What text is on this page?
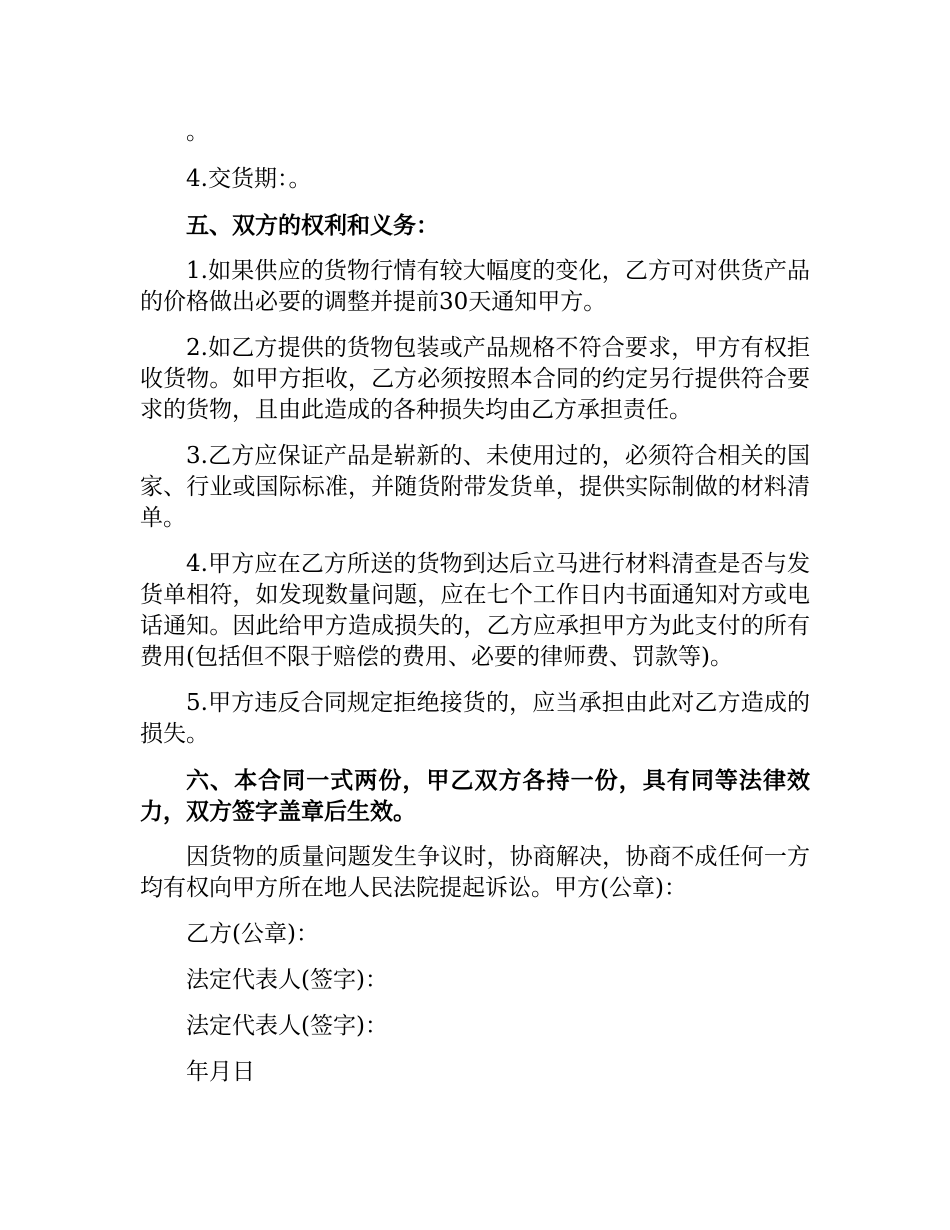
。

4.交货期：。

五、双方的权利和义务：

1.如果供应的货物行情有较大幅度的变化，乙方可对供货产品的价格做出必要的调整并提前30天通知甲方。

2.如乙方提供的货物包装或产品规格不符合要求，甲方有权拒收货物。如甲方拒收，乙方必须按照本合同的约定另行提供符合要求的货物，且由此造成的各种损失均由乙方承担责任。

3.乙方应保证产品是崭新的、未使用过的，必须符合相关的国家、行业或国际标准，并随货附带发货单，提供实际制做的材料清单。

4.甲方应在乙方所送的货物到达后立马进行材料清查是否与发货单相符，如发现数量问题，应在七个工作日内书面通知对方或电话通知。因此给甲方造成损失的，乙方应承担甲方为此支付的所有费用(包括但不限于赔偿的费用、必要的律师费、罚款等)。

5.甲方违反合同规定拒绝接货的，应当承担由此对乙方造成的损失。

六、本合同一式两份，甲乙双方各持一份，具有同等法律效力，双方签字盖章后生效。

因货物的质量问题发生争议时，协商解决，协商不成任何一方均有权向甲方所在地人民法院提起诉讼。甲方(公章)：

乙方(公章)：

法定代表人(签字)：

法定代表人(签字)：

年月日
